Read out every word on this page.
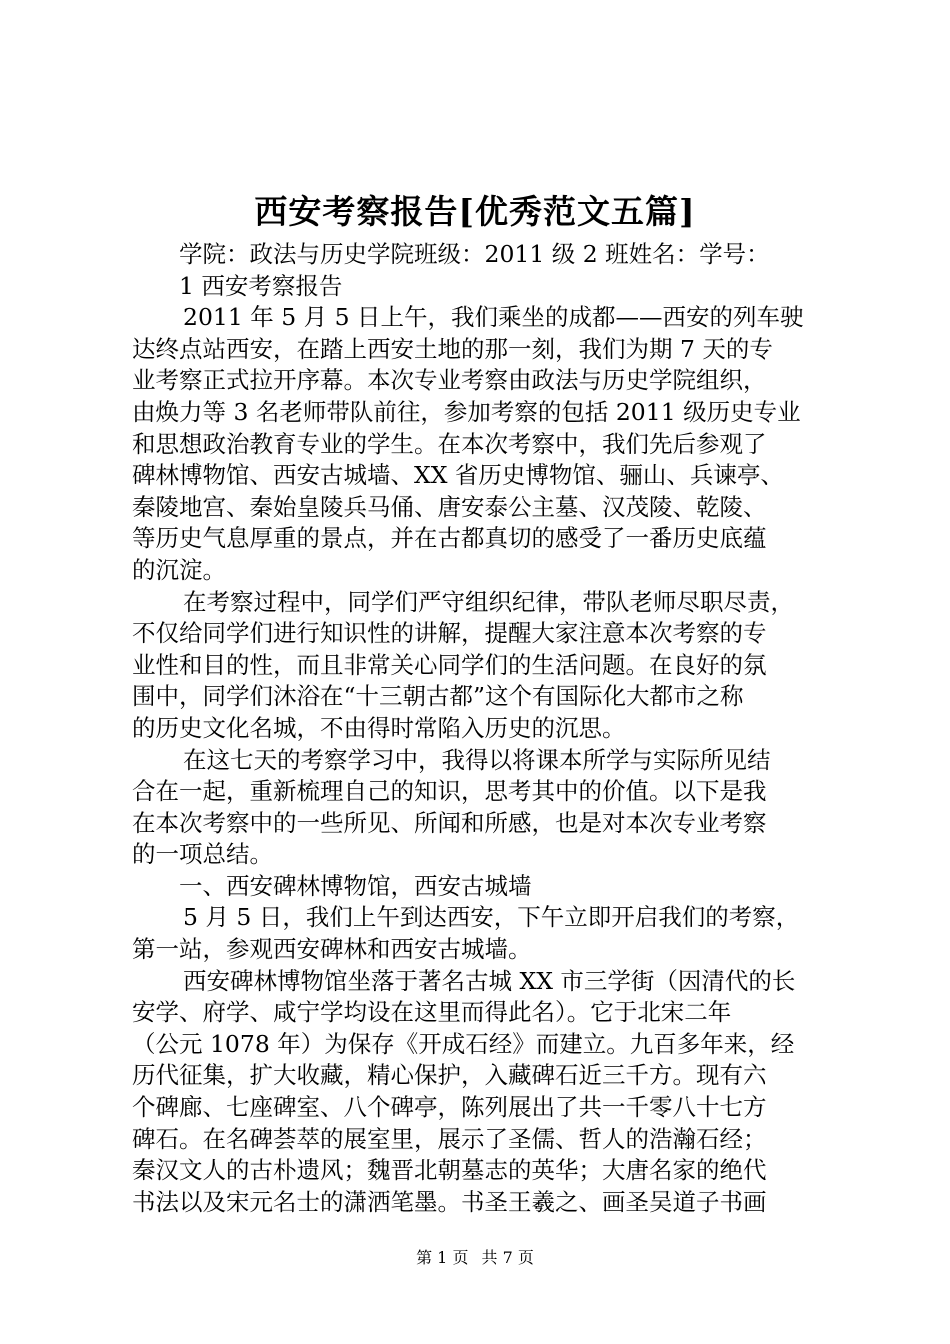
西安考察报告[优秀范文五篇]
学院：政法与历史学院班级：2011 级 2 班姓名：学号：
1 西安考察报告
2011 年 5 月 5 日上午，我们乘坐的成都——西安的列车驶
达终点站西安，在踏上西安土地的那一刻，我们为期 7 天的专
业考察正式拉开序幕。本次专业考察由政法与历史学院组织，
由焕力等 3 名老师带队前往，参加考察的包括 2011 级历史专业
和思想政治教育专业的学生。在本次考察中，我们先后参观了
碑林博物馆、西安古城墙、XX 省历史博物馆、骊山、兵谏亭、
秦陵地宫、秦始皇陵兵马俑、唐安泰公主墓、汉茂陵、乾陵、
等历史气息厚重的景点，并在古都真切的感受了一番历史底蕴
的沉淀。
在考察过程中，同学们严守组织纪律，带队老师尽职尽责，
不仅给同学们进行知识性的讲解，提醒大家注意本次考察的专
业性和目的性，而且非常关心同学们的生活问题。在良好的氛
围中，同学们沐浴在“十三朝古都”这个有国际化大都市之称
的历史文化名城，不由得时常陷入历史的沉思。
在这七天的考察学习中，我得以将课本所学与实际所见结
合在一起，重新梳理自己的知识，思考其中的价值。以下是我
在本次考察中的一些所见、所闻和所感，也是对本次专业考察
的一项总结。
一、西安碑林博物馆，西安古城墙
5 月 5 日，我们上午到达西安，下午立即开启我们的考察，
第一站，参观西安碑林和西安古城墙。
西安碑林博物馆坐落于著名古城 XX 市三学街（因清代的长
安学、府学、咸宁学均设在这里而得此名）。它于北宋二年
（公元 1078 年）为保存《开成石经》而建立。九百多年来，经
历代征集，扩大收藏，精心保护，入藏碑石近三千方。现有六
个碑廊、七座碑室、八个碑亭，陈列展出了共一千零八十七方
碑石。在名碑荟萃的展室里，展示了圣儒、哲人的浩瀚石经；
秦汉文人的古朴遗风；魏晋北朝墓志的英华；大唐名家的绝代
书法以及宋元名士的潇洒笔墨。书圣王羲之、画圣吴道子书画
第 1 页 共 7 页
